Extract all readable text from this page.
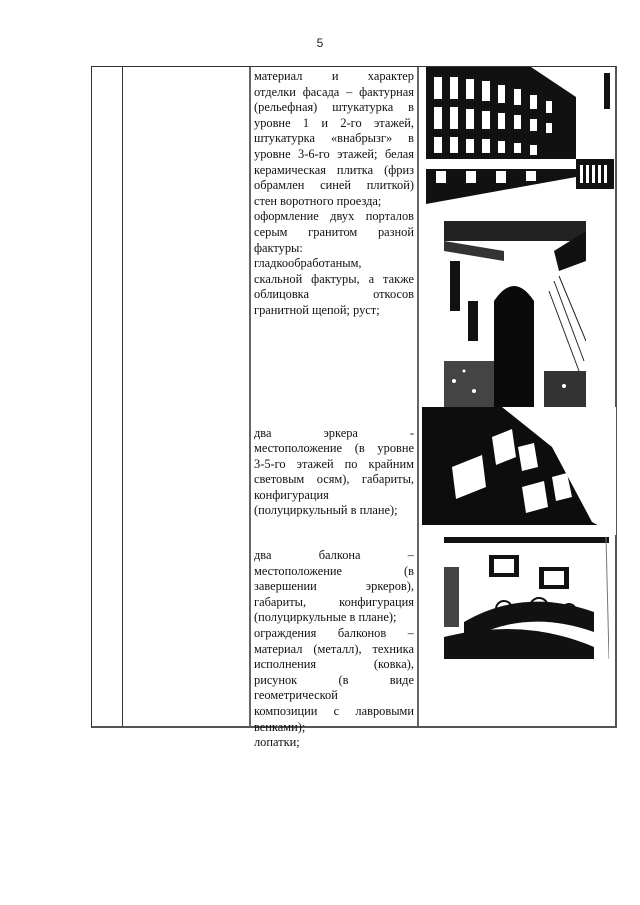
5
материал и характер
отделки фасада – фактурная
(рельефная) штукатурка в
уровне 1 и 2-го этажей,
штукатурка «внабрызг» в
уровне 3-6-го этажей; белая
керамическая плитка (фриз
обрамлен синей плиткой)
стен воротного проезда;
оформление двух порталов
серым гранитом разной
фактуры:
гладкообработаным,
скальной фактуры, а также
облицовка откосов
гранитной щепой; руст;
два эркера -
местоположение (в уровне
3-5-го этажей по крайним
световым осям), габариты,
конфигурация
(полуциркульный в плане);
два балкона –
местоположение (в
завершении эркеров),
габариты, конфигурация
(полуциркульные в плане);
ограждения балконов –
материал (металл), техника
исполнения (ковка),
рисунок (в виде
геометрической
композиции с лавровыми
венками);
лопатки;
